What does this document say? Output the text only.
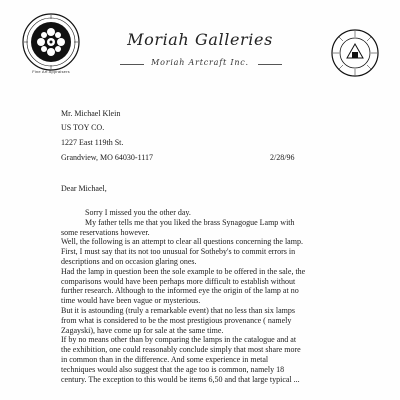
Fine Art Appraisers
Moriah Galleries
Moriah Artcraft Inc.
Mr. Michael Klein
US TOY CO.
1227 East 119th St.
Grandview, MO 64030-1117	2/28/96
Dear Michael,
Sorry I missed you the other day.
My father tells me that you liked the brass Synagogue Lamp with
some reservations however.
Well, the following is an attempt to clear all questions concerning the lamp.
First, I must say that its not too unusual for Sotheby's to commit errors in
descriptions and on occasion glaring ones.
Had the lamp in question been the sole example to be offered in the sale, the
comparisons would have been perhaps more difficult to establish without
further research. Although to the informed eye the origin of the lamp at no
time would have been vague or mysterious.
But it is astounding (truly a remarkable event) that no less than six lamps
from what is considered to be the most prestigious provenance ( namely
Zagayski), have come up for sale at the same time.
If by no means other than by comparing the lamps in the catalogue and at
the exhibition, one could reasonably conclude simply that most share more
in common than in the difference. And some experience in metal
techniques would also suggest that the age too is common, namely 18
century. The exception to this would be items 6,50 and that large typical ...
